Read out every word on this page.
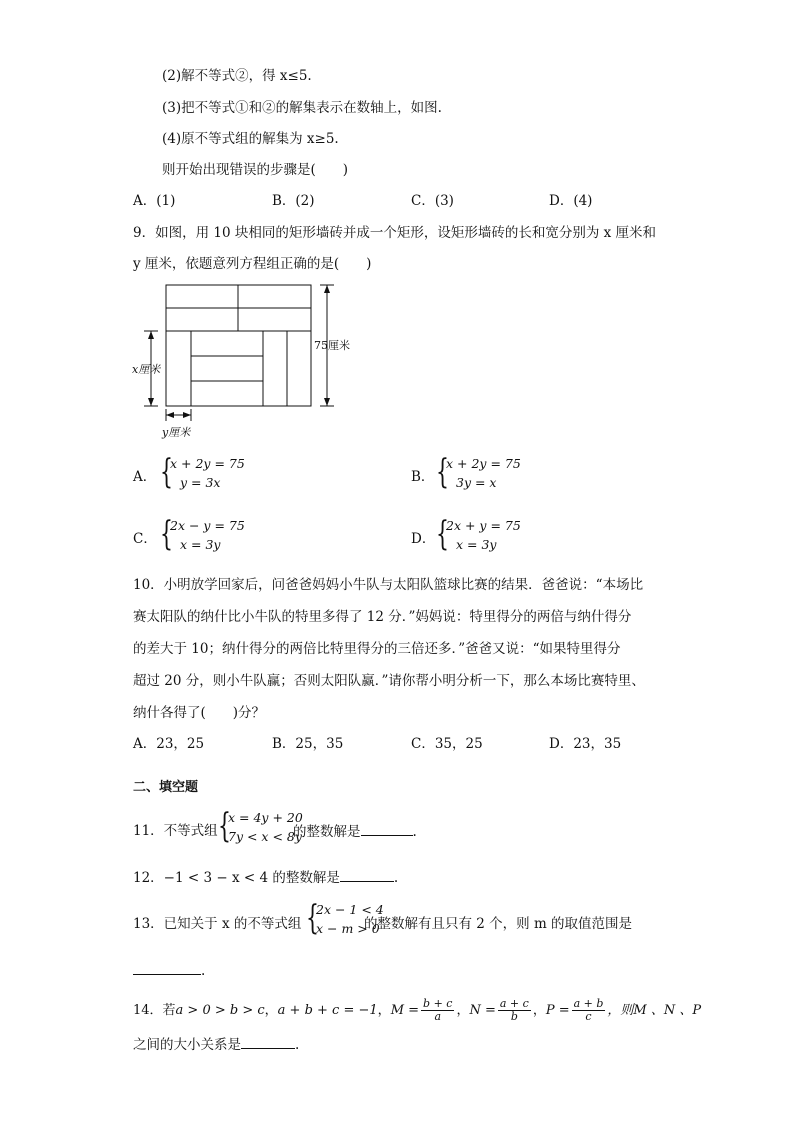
(2)解不等式②，得 x≤5.
(3)把不等式①和②的解集表示在数轴上，如图.
(4)原不等式组的解集为 x≥5.
则开始出现错误的步骤是(　　)
A．(1)	B．(2)	C．(3)	D．(4)
9．如图，用 10 块相同的矩形墙砖并成一个矩形，设矩形墙砖的长和宽分别为 x 厘米和
y 厘米，依题意列方程组正确的是(　　)
75厘米
x厘米
y厘米
A． {
x + 2y = 75
y = 3x	B． {
x + 2y = 75
3y = x
C． {
2x − y = 75
x = 3y	D． {
2x + y = 75
x = 3y
10．小明放学回家后，问爸爸妈妈小牛队与太阳队篮球比赛的结果．爸爸说：“本场比
赛太阳队的纳什比小牛队的特里多得了 12 分．”妈妈说：特里得分的两倍与纳什得分
的差大于 10；纳什得分的两倍比特里得分的三倍还多．”爸爸又说：“如果特里得分
超过 20 分，则小牛队赢；否则太阳队赢．”请你帮小明分析一下，那么本场比赛特里、
纳什各得了(　　)分？
A．23，25	B．25，35	C．35，25	D．23，35
二、填空题
11．不等式组 {
x = 4y + 20
7y < x < 8y
的整数解是	.
12．−1 < 3 − x < 4 的整数解是	.
13．已知关于 x 的不等式组 {
2x − 1 < 4
x − m > 0
的整数解有且只有 2 个，则 m 的取值范围是
.
14．若a > 0 > b > c，a + b + c = −1，$M = \frac{b + c}{a}$ ，$N = \frac{a + c}{b}$ ，$P = \frac{a + b}{c}$ ，则M 、N 、P
之间的大小关系是	.
